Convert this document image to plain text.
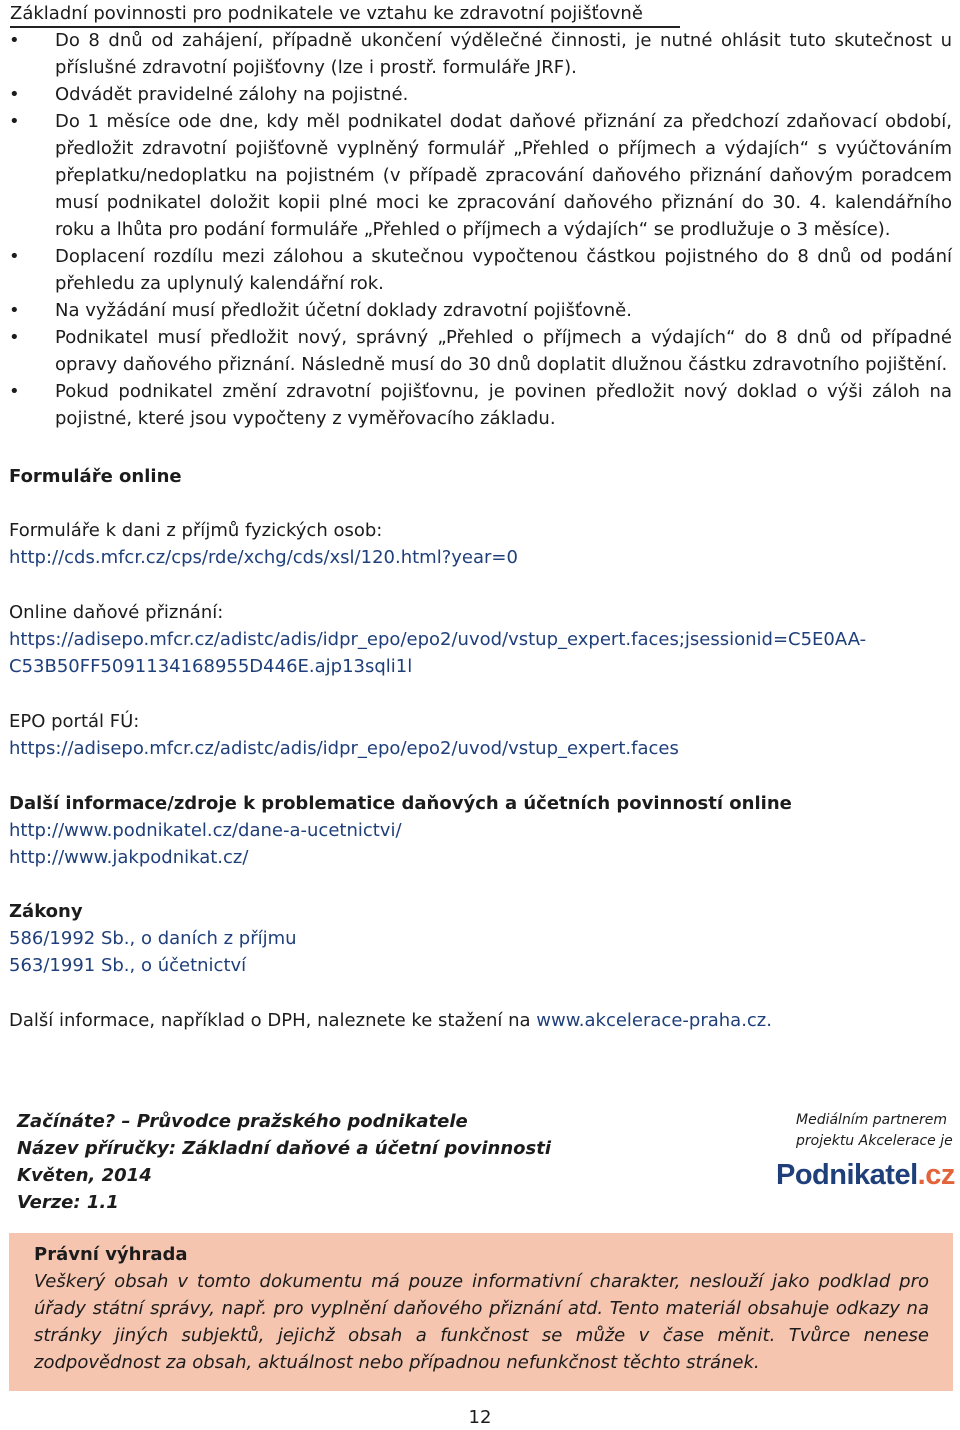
Základní povinnosti pro podnikatele ve vztahu ke zdravotní pojišťovně
• Do 8 dnů od zahájení, případně ukončení výdělečné činnosti, je nutné ohlásit tuto skutečnost u příslušné zdravotní pojišťovny (lze i prostř. formuláře JRF).
• Odvádět pravidelné zálohy na pojistné.
• Do 1 měsíce ode dne, kdy měl podnikatel dodat daňové přiznání za předchozí zdaňovací období, předložit zdravotní pojišťovně vyplněný formulář „Přehled o příjmech a výdajích“ s vyúčtováním přeplatku/nedoplatku na pojistném (v případě zpracování daňového přiznání daňovým poradcem musí podnikatel doložit kopii plné moci ke zpracování daňového přiznání do 30. 4. kalendářního roku a lhůta pro podání formuláře „Přehled o příjmech a výdajích“ se prodlužuje o 3 měsíce).
• Doplacení rozdílu mezi zálohou a skutečnou vypočtenou částkou pojistného do 8 dnů od podání přehledu za uplynulý kalendářní rok.
• Na vyžádání musí předložit účetní doklady zdravotní pojišťovně.
• Podnikatel musí předložit nový, správný „Přehled o příjmech a výdajích“ do 8 dnů od případné opravy daňového přiznání. Následně musí do 30 dnů doplatit dlužnou částku zdravotního pojištění.
• Pokud podnikatel změní zdravotní pojišťovnu, je povinen předložit nový doklad o výši záloh na pojistné, které jsou vypočteny z vyměřovacího základu.
Formuláře online
Formuláře k dani z příjmů fyzických osob:
http://cds.mfcr.cz/cps/rde/xchg/cds/xsl/120.html?year=0
Online daňové přiznání:
https://adisepo.mfcr.cz/adistc/adis/idpr_epo/epo2/uvod/vstup_expert.faces;jsessionid=C5E0AA-
C53B50FF5091134168955D446E.ajp13sqli1l
EPO portál FÚ:
https://adisepo.mfcr.cz/adistc/adis/idpr_epo/epo2/uvod/vstup_expert.faces
Další informace/zdroje k problematice daňových a účetních povinností online
http://www.podnikatel.cz/dane-a-ucetnictvi/
http://www.jakpodnikat.cz/
Zákony
586/1992 Sb., o daních z příjmu
563/1991 Sb., o účetnictví
Další informace, například o DPH, naleznete ke stažení na www.akcelerace-praha.cz.
Začínáte? – Průvodce pražského podnikatele
Název příručky: Základní daňové a účetní povinnosti
Květen, 2014
Verze: 1.1
Mediálním partnerem
projektu Akcelerace je
Podnikatel.cz
Právní výhrada
Veškerý obsah v tomto dokumentu má pouze informativní charakter, neslouží jako podklad pro úřady státní správy, např. pro vyplnění daňového přiznání atd. Tento materiál obsahuje odkazy na stránky jiných subjektů, jejichž obsah a funkčnost se může v čase měnit. Tvůrce nenese zodpovědnost za obsah, aktuálnost nebo případnou nefunkčnost těchto stránek.
12
